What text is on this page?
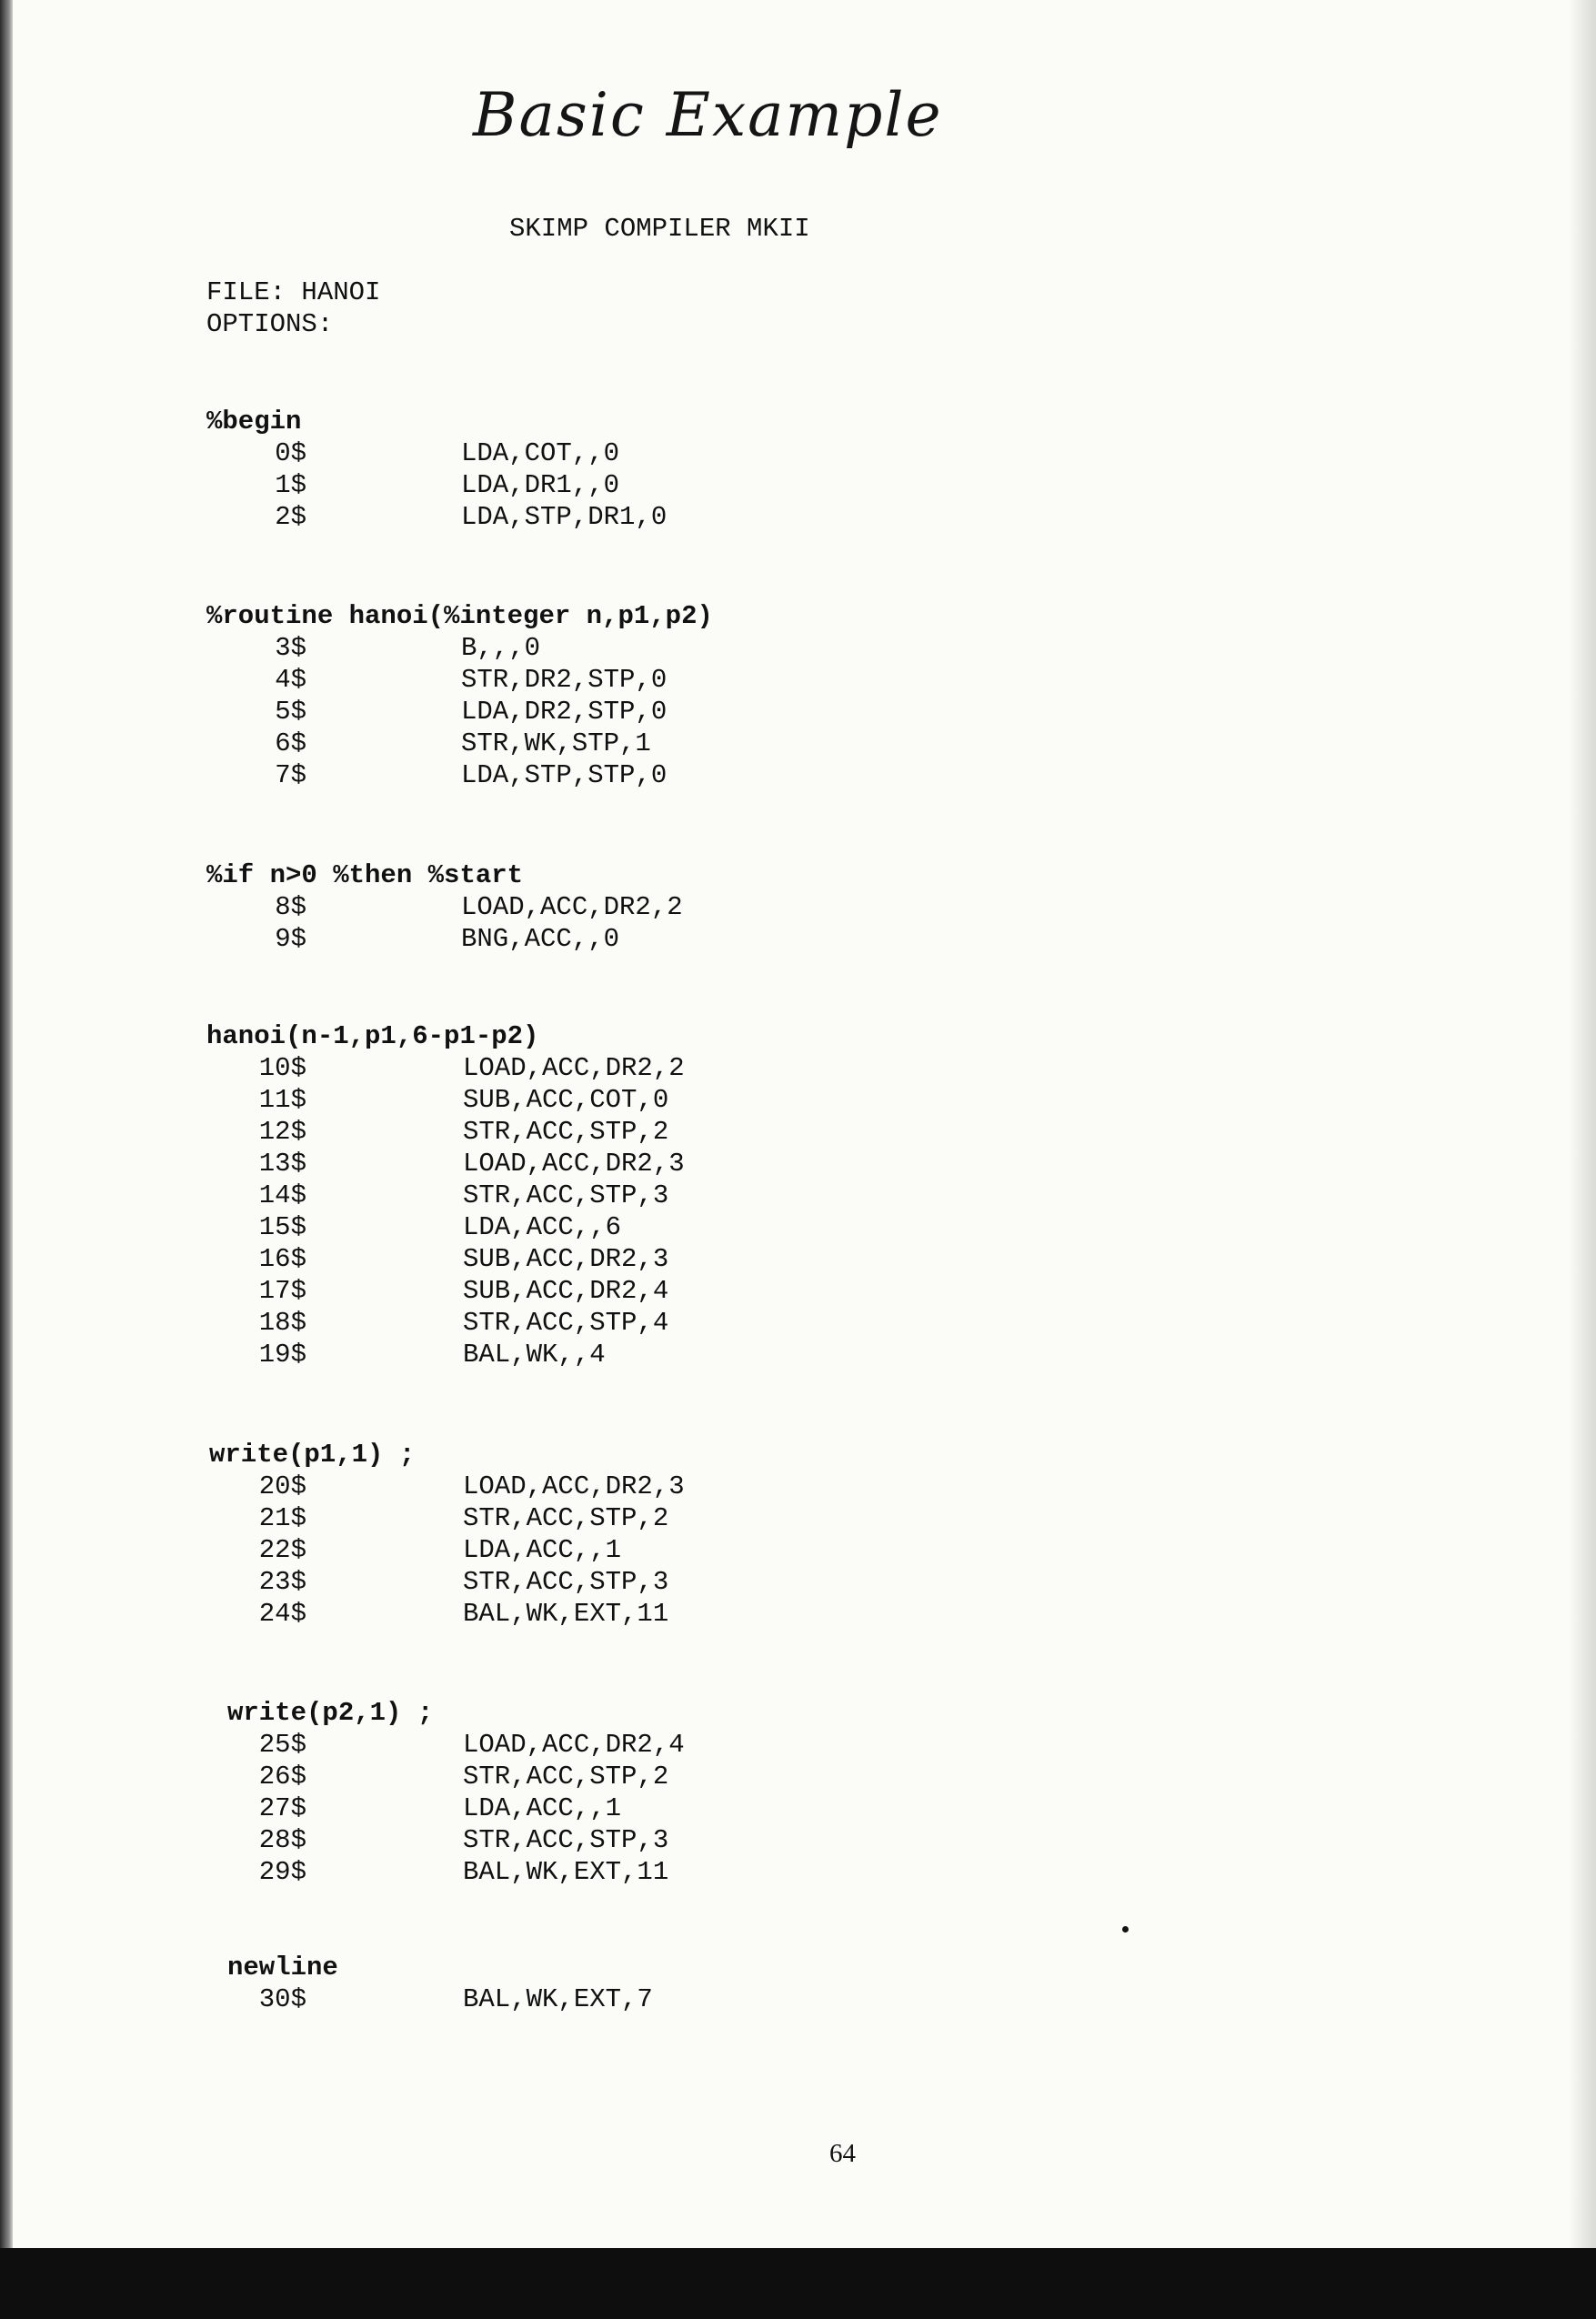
Basic Example
SKIMP COMPILER MKII
FILE: HANOI
OPTIONS:
%begin
0$	LDA,COT,,0
1$	LDA,DR1,,0
2$	LDA,STP,DR1,0
%routine hanoi(%integer n,p1,p2)
3$	B,,,0
4$	STR,DR2,STP,0
5$	LDA,DR2,STP,0
6$	STR,WK,STP,1
7$	LDA,STP,STP,0
%if n>0 %then %start
8$	LOAD,ACC,DR2,2
9$	BNG,ACC,,0
hanoi(n-1,p1,6-p1-p2)
10$	LOAD,ACC,DR2,2
11$	SUB,ACC,COT,0
12$	STR,ACC,STP,2
13$	LOAD,ACC,DR2,3
14$	STR,ACC,STP,3
15$	LDA,ACC,,6
16$	SUB,ACC,DR2,3
17$	SUB,ACC,DR2,4
18$	STR,ACC,STP,4
19$	BAL,WK,,4
write(p1,1) ;
20$	LOAD,ACC,DR2,3
21$	STR,ACC,STP,2
22$	LDA,ACC,,1
23$	STR,ACC,STP,3
24$	BAL,WK,EXT,11
write(p2,1) ;
25$	LOAD,ACC,DR2,4
26$	STR,ACC,STP,2
27$	LDA,ACC,,1
28$	STR,ACC,STP,3
29$	BAL,WK,EXT,11
newline
30$	BAL,WK,EXT,7
64
